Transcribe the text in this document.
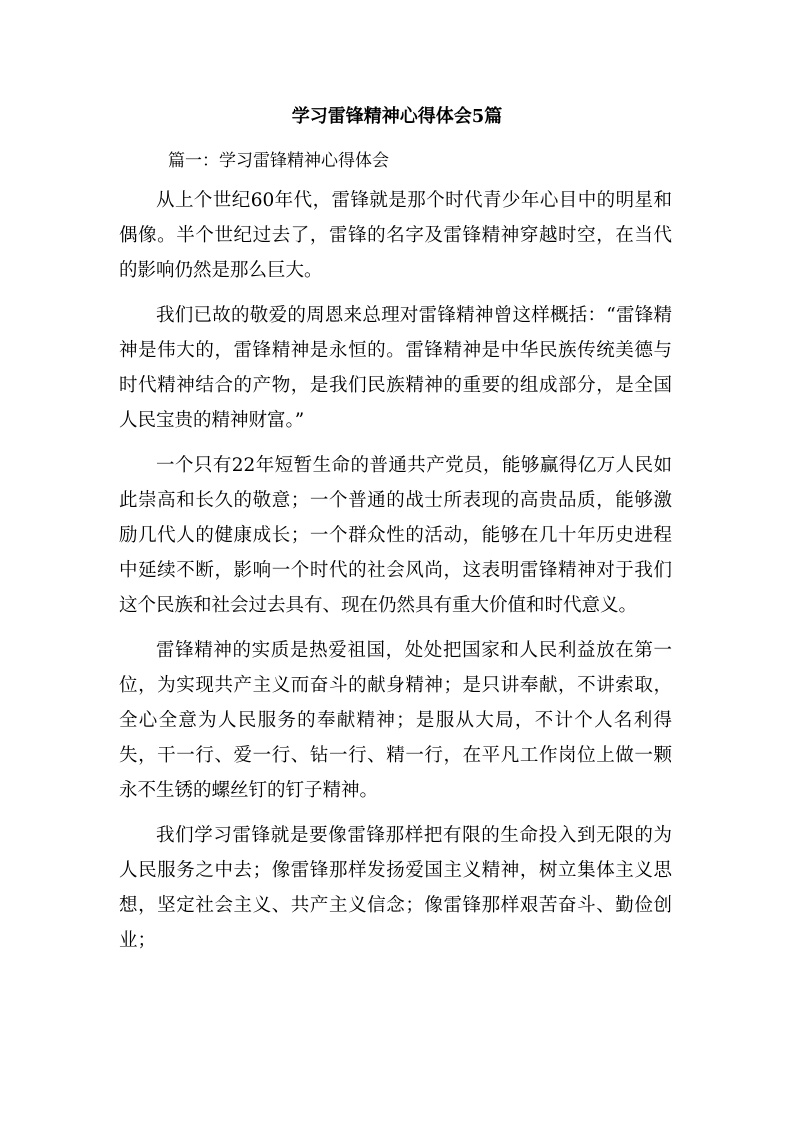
学习雷锋精神心得体会5篇

篇一：学习雷锋精神心得体会

从上个世纪60年代，雷锋就是那个时代青少年心目中的明星和偶像。半个世纪过去了，雷锋的名字及雷锋精神穿越时空，在当代的影响仍然是那么巨大。

我们已故的敬爱的周恩来总理对雷锋精神曾这样概括：“雷锋精神是伟大的，雷锋精神是永恒的。雷锋精神是中华民族传统美德与时代精神结合的产物，是我们民族精神的重要的组成部分，是全国人民宝贵的精神财富。”

一个只有22年短暂生命的普通共产党员，能够赢得亿万人民如此崇高和长久的敬意；一个普通的战士所表现的高贵品质，能够激励几代人的健康成长；一个群众性的活动，能够在几十年历史进程中延续不断，影响一个时代的社会风尚，这表明雷锋精神对于我们这个民族和社会过去具有、现在仍然具有重大价值和时代意义。

雷锋精神的实质是热爱祖国，处处把国家和人民利益放在第一位，为实现共产主义而奋斗的献身精神；是只讲奉献，不讲索取，全心全意为人民服务的奉献精神；是服从大局，不计个人名利得失，干一行、爱一行、钻一行、精一行，在平凡工作岗位上做一颗永不生锈的螺丝钉的钉子精神。

我们学习雷锋就是要像雷锋那样把有限的生命投入到无限的为人民服务之中去；像雷锋那样发扬爱国主义精神，树立集体主义思想，坚定社会主义、共产主义信念；像雷锋那样艰苦奋斗、勤俭创业；
